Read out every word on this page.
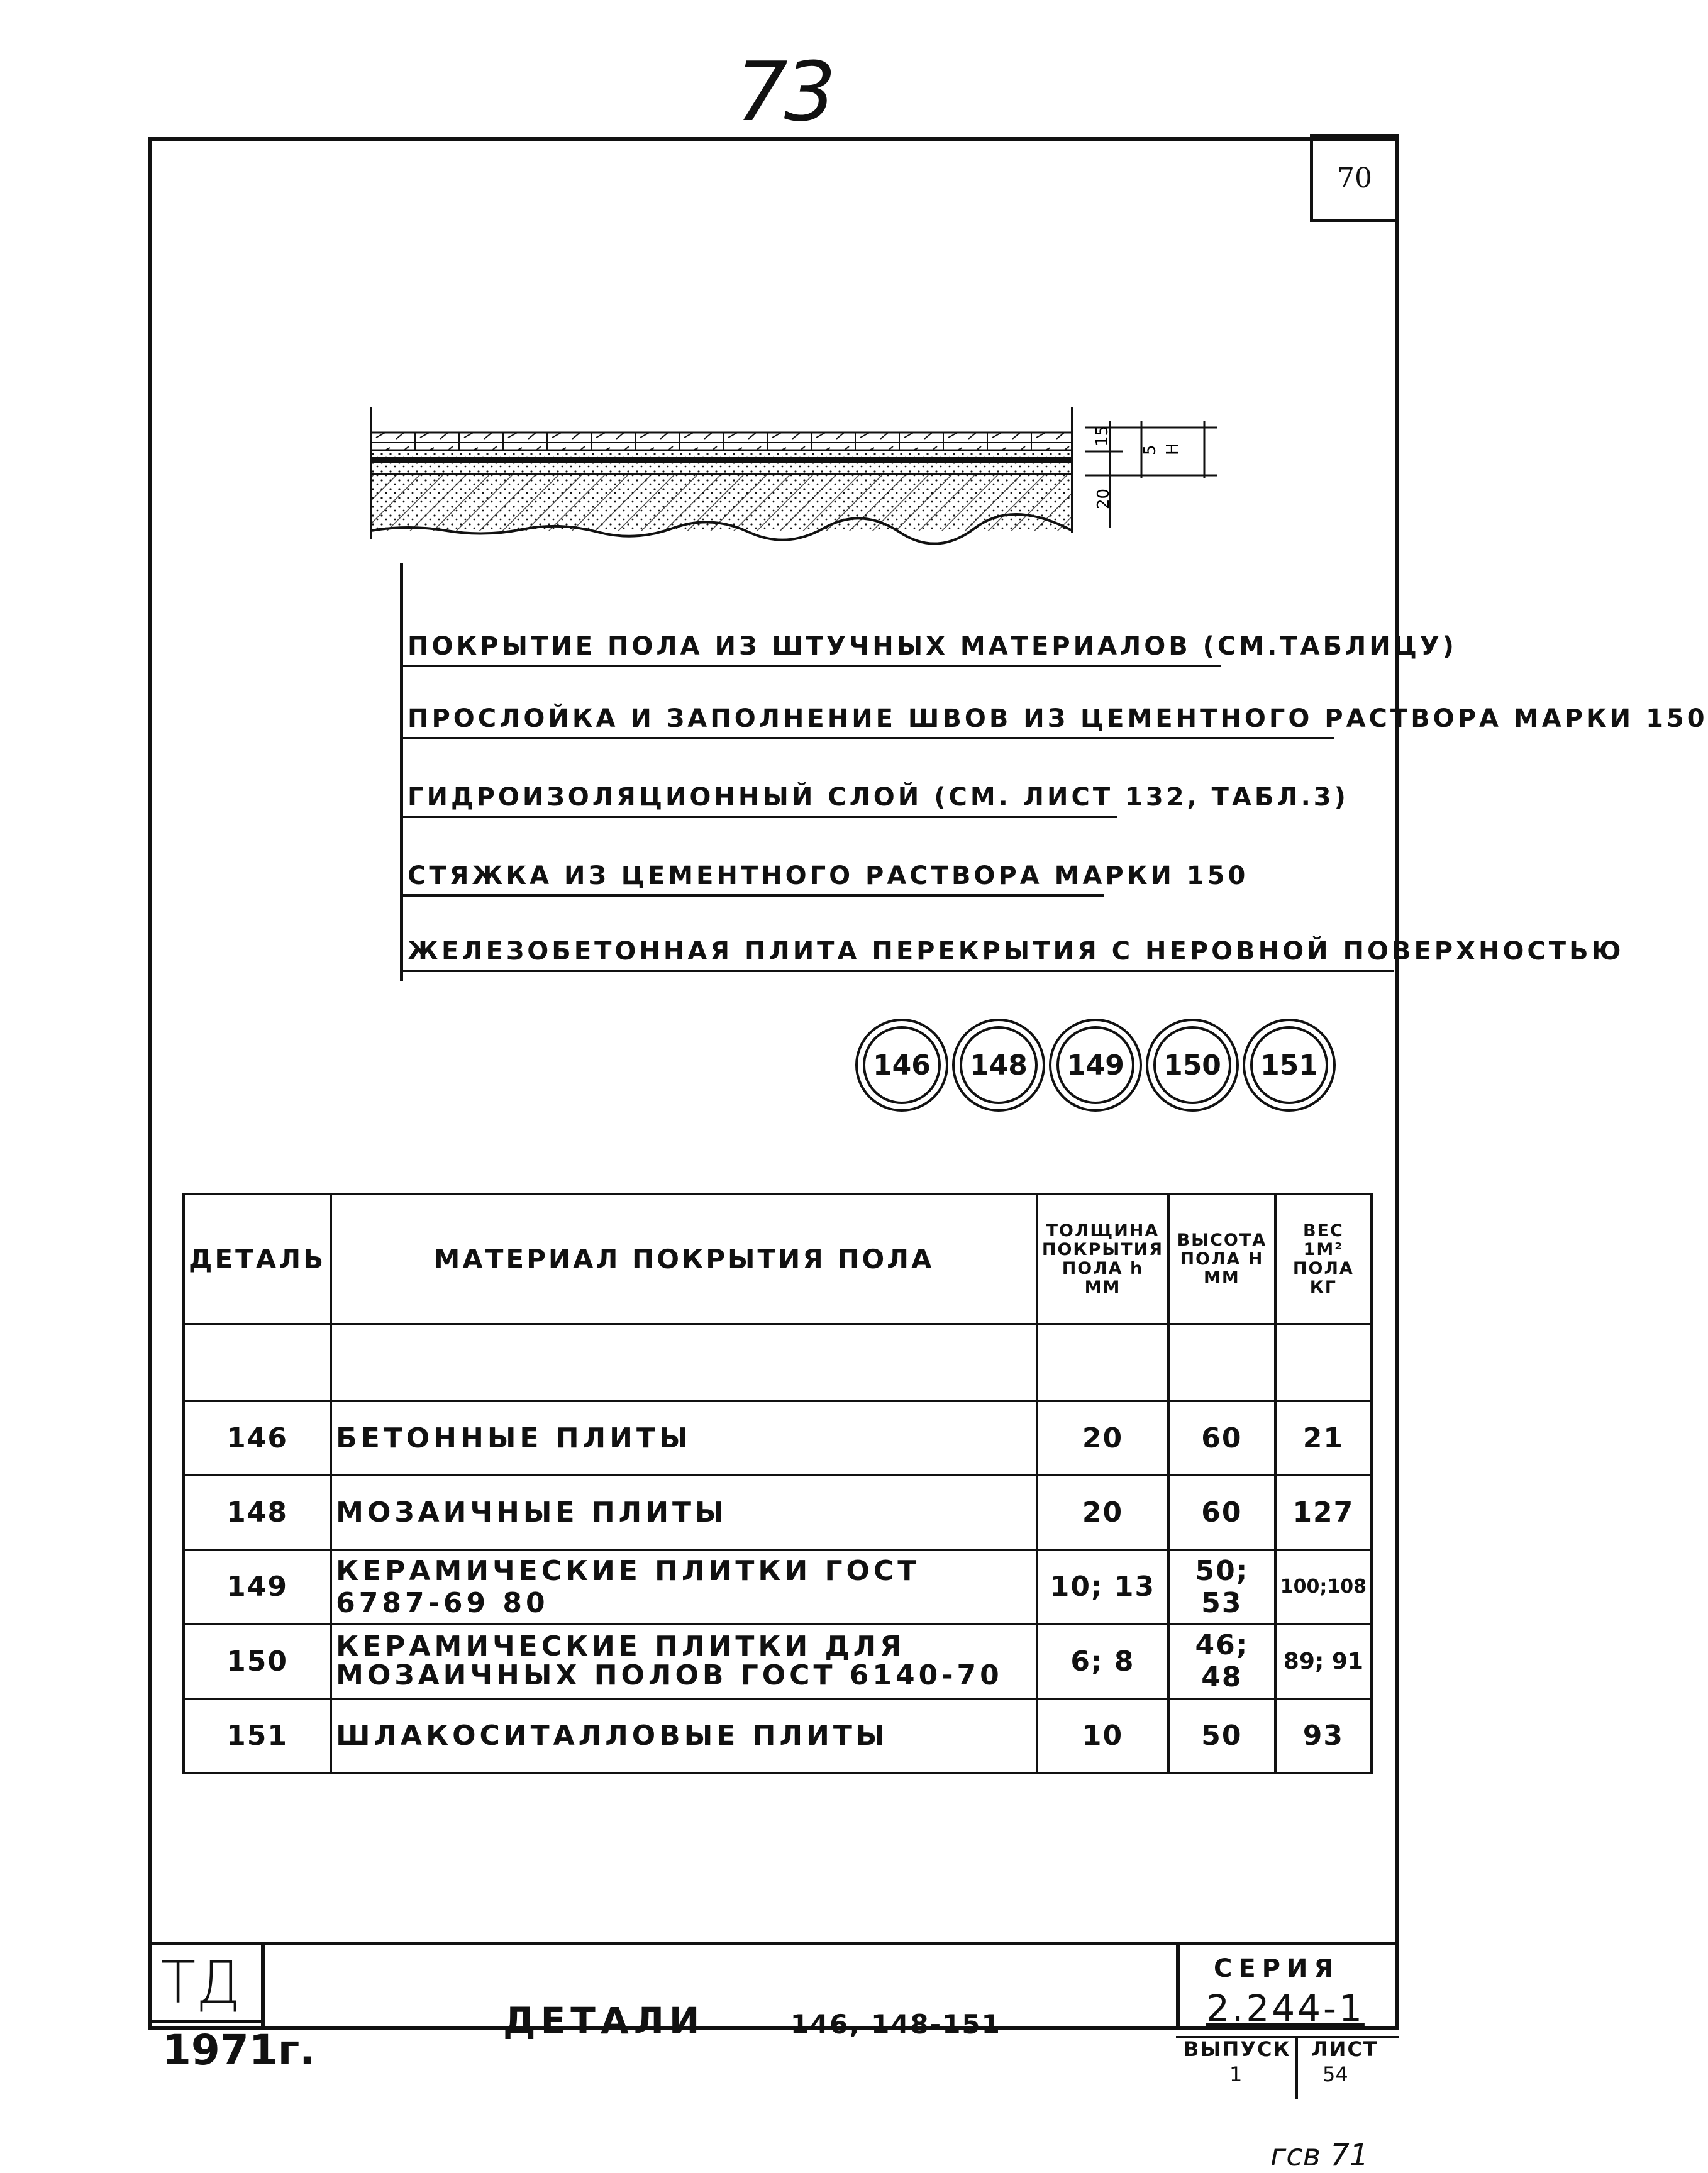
73
70
15
5
20
H
ПОКРЫТИЕ ПОЛА ИЗ ШТУЧНЫХ МАТЕРИАЛОВ (СМ.ТАБЛИЦУ)
ПРОСЛОЙКА И ЗАПОЛНЕНИЕ ШВОВ ИЗ ЦЕМЕНТНОГО РАСТВОРА МАРКИ 150
ГИДРОИЗОЛЯЦИОННЫЙ СЛОЙ (СМ. ЛИСТ 132, ТАБЛ.3)
СТЯЖКА ИЗ ЦЕМЕНТНОГО РАСТВОРА МАРКИ 150
ЖЕЛЕЗОБЕТОННАЯ ПЛИТА ПЕРЕКРЫТИЯ С НЕРОВНОЙ ПОВЕРХНОСТЬЮ
146	148	149	150	151
ДЕТАЛЬ	МАТЕРИАЛ ПОКРЫТИЯ ПОЛА	ТОЛЩИНА ПОКРЫТИЯ ПОЛА h ММ	ВЫСОТА ПОЛА H ММ	ВЕС 1М² ПОЛА КГ

146	БЕТОННЫЕ ПЛИТЫ	20	60	21
148	МОЗАИЧНЫЕ ПЛИТЫ	20	60	127
149	КЕРАМИЧЕСКИЕ ПЛИТКИ ГОСТ 6787-69 80	10; 13	50; 53	100;108
150	КЕРАМИЧЕСКИЕ ПЛИТКИ ДЛЯ МОЗАИЧНЫХ ПОЛОВ ГОСТ 6140-70	6; 8	46; 48	89; 91
151	ШЛАКОСИТАЛЛОВЫЕ ПЛИТЫ	10	50	93
ТД
1971г.
ДЕТАЛИ	146, 148-151
СЕРИЯ
2.244-1
ВЫПУСК
1
ЛИСТ
54
гсв 71
